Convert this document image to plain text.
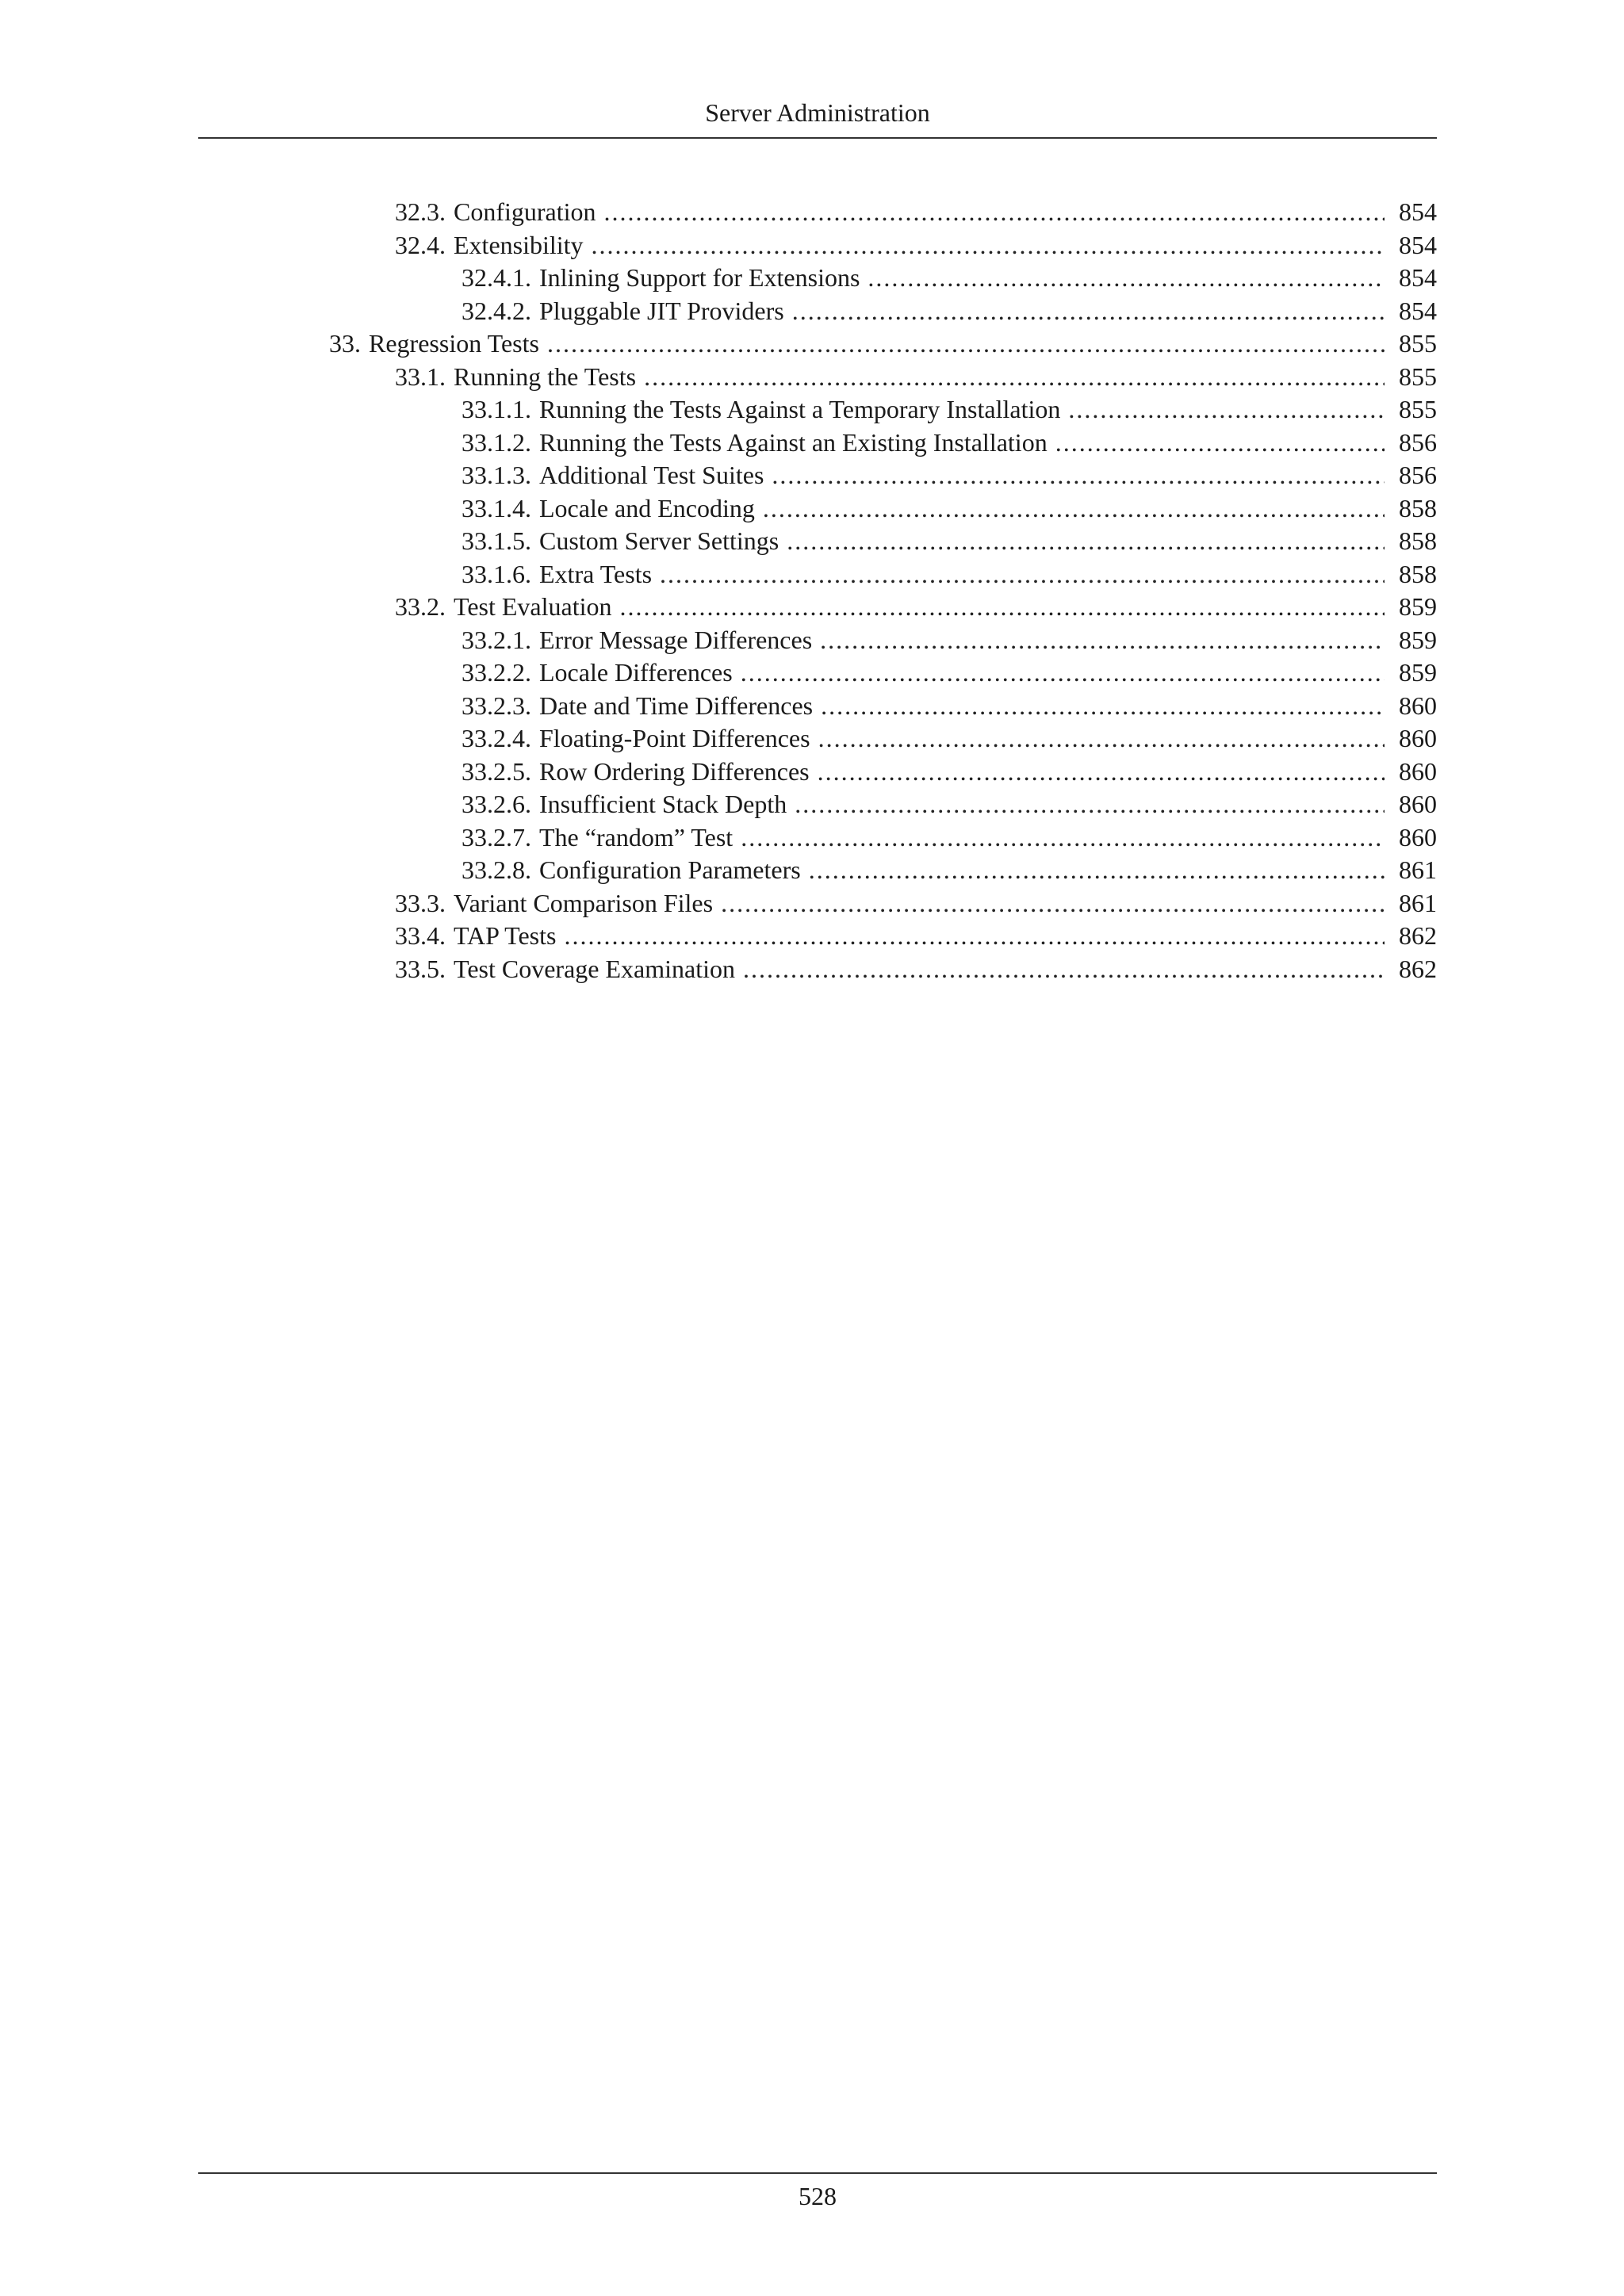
Server Administration
32.3. Configuration .....	854
32.4. Extensibility .....	854
32.4.1. Inlining Support for Extensions .....	854
32.4.2. Pluggable JIT Providers .....	854
33. Regression Tests .....	855
33.1. Running the Tests .....	855
33.1.1. Running the Tests Against a Temporary Installation .....	855
33.1.2. Running the Tests Against an Existing Installation .....	856
33.1.3. Additional Test Suites .....	856
33.1.4. Locale and Encoding .....	858
33.1.5. Custom Server Settings .....	858
33.1.6. Extra Tests .....	858
33.2. Test Evaluation .....	859
33.2.1. Error Message Differences .....	859
33.2.2. Locale Differences .....	859
33.2.3. Date and Time Differences .....	860
33.2.4. Floating-Point Differences .....	860
33.2.5. Row Ordering Differences .....	860
33.2.6. Insufficient Stack Depth .....	860
33.2.7. The “random” Test .....	860
33.2.8. Configuration Parameters .....	861
33.3. Variant Comparison Files .....	861
33.4. TAP Tests .....	862
33.5. Test Coverage Examination .....	862
528
